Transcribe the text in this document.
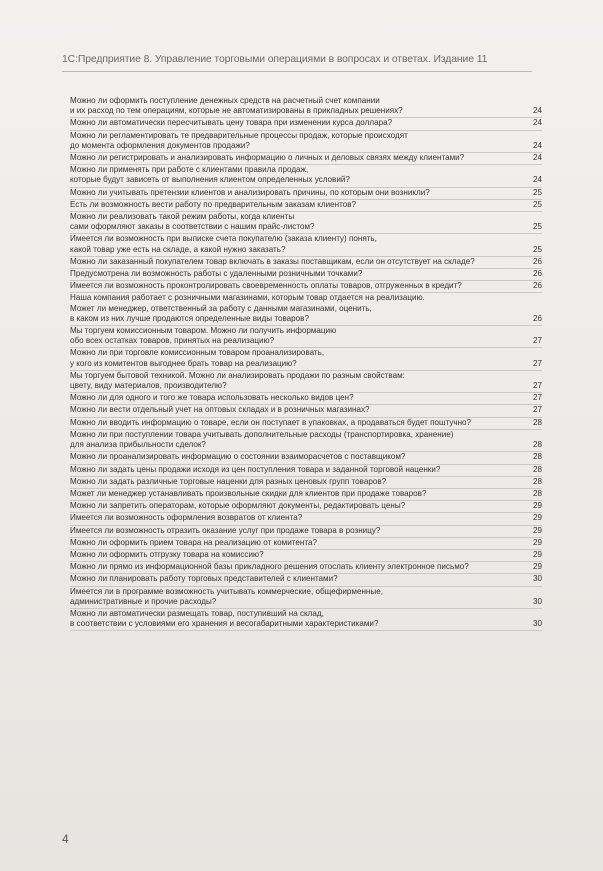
1С:Предприятие 8. Управление торговыми операциями в вопросах и ответах. Издание 11
Можно ли оформить поступление денежных средств на расчетный счет компании
и их расход по тем операциям, которые не автоматизированы в прикладных решениях?	24
Можно ли автоматически пересчитывать цену товара при изменении курса доллара?	24
Можно ли регламентировать те предварительные процессы продаж, которые происходят
до момента оформления документов продажи?	24
Можно ли регистрировать и анализировать информацию о личных и деловых связях между клиентами?	24
Можно ли применять при работе с клиентами правила продаж,
которые будут зависеть от выполнения клиентом определенных условий?	24
Можно ли учитывать претензии клиентов и анализировать причины, по которым они возникли?	25
Есть ли возможность вести работу по предварительным заказам клиентов?	25
Можно ли реализовать такой режим работы, когда клиенты
сами оформляют заказы в соответствии с нашим прайс-листом?	25
Имеется ли возможность при выписке счета покупателю (заказа клиенту) понять,
какой товар уже есть на складе, а какой нужно заказать?	25
Можно ли заказанный покупателем товар включать в заказы поставщикам, если он отсутствует на складе?	26
Предусмотрена ли возможность работы с удаленными розничными точками?	26
Имеется ли возможность проконтролировать своевременность оплаты товаров, отгруженных в кредит?	26
Наша компания работает с розничными магазинами, которым товар отдается на реализацию.
Может ли менеджер, ответственный за работу с данными магазинами, оценить,
в каком из них лучше продаются определенные виды товаров?	26
Мы торгуем комиссионным товаром. Можно ли получить информацию
обо всех остатках товаров, принятых на реализацию?	27
Можно ли при торговле комиссионным товаром проанализировать,
у кого из комитентов выгоднее брать товар на реализацию?	27
Мы торгуем бытовой техникой. Можно ли анализировать продажи по разным свойствам:
цвету, виду материалов, производителю?	27
Можно ли для одного и того же товара использовать несколько видов цен?	27
Можно ли вести отдельный учет на оптовых складах и в розничных магазинах?	27
Можно ли вводить информацию о товаре, если он поступает в упаковках, а продаваться будет поштучно?	28
Можно ли при поступлении товара учитывать дополнительные расходы (транспортировка, хранение)
для анализа прибыльности сделок?	28
Можно ли проанализировать информацию о состоянии взаиморасчетов с поставщиком?	28
Можно ли задать цены продажи исходя из цен поступления товара и заданной торговой наценки?	28
Можно ли задать различные торговые наценки для разных ценовых групп товаров?	28
Может ли менеджер устанавливать произвольные скидки для клиентов при продаже товаров?	28
Можно ли запретить операторам, которые оформляют документы, редактировать цены?	29
Имеется ли возможность оформления возвратов от клиента?	29
Имеется ли возможность отразить оказание услуг при продаже товара в розницу?	29
Можно ли оформить прием товара на реализацию от комитента?	29
Можно ли оформить отгрузку товара на комиссию?	29
Можно ли прямо из информационной базы прикладного решения отослать клиенту электронное письмо?	29
Можно ли планировать работу торговых представителей с клиентами?	30
Имеется ли в программе возможность учитывать коммерческие, общефирменные,
административные и прочие расходы?	30
Можно ли автоматически размещать товар, поступивший на склад,
в соответствии с условиями его хранения и весогабаритными характеристиками?	30
4
